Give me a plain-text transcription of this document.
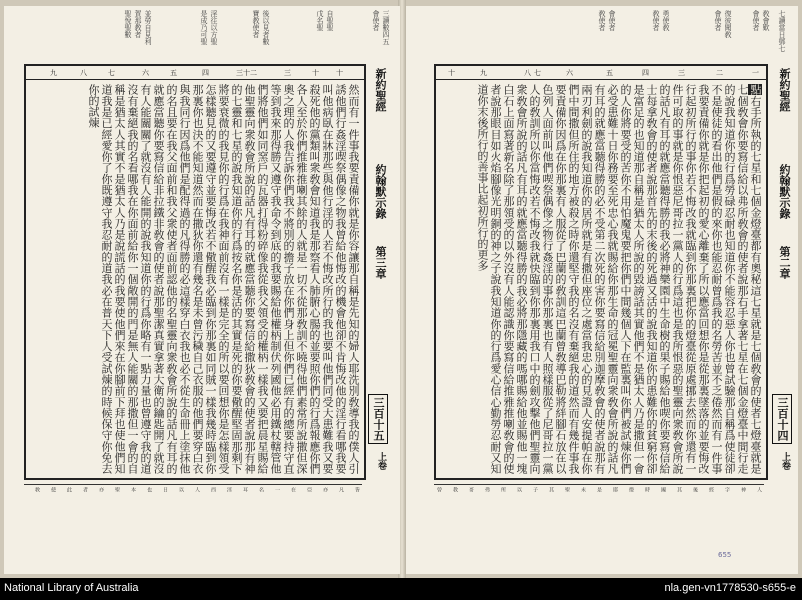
七讀當日鄧七
敎會歎
會使者
復彼聞敎
會使者
勇使敎
敎使者
會使者
敎使者
十	九	七
八	六	五	四	三	二	一
點右手所執的七星和七個金燈臺都有奧秘這七星就是七個敎會的使者七燈臺就是七個敎會你要寫信給以弗所敎會的使者說那右手拿著七星在七個金燈臺中間行走的說我知道你的行爲勞碌忍耐也知道你不能容忍惡人你也曾試驗那自稱爲使徒卻不是使徒的看出他們是假的來你也能忍耐曾爲我的名勞苦並不乏倦然而有一件事我要責備你就是你把起初的愛心離棄了所以應當回想你是從那裏墜落的並要悔改行起初所行的事你若不悔改我就臨到你那裏把你的燈臺從原處挪去然而你還有一件可取的事就是你恨惡尼哥拉一黨人的行爲這也是我所恨惡的聖靈向衆敎會所說的話凡有耳的就應當聽得勝的我必將神樂園中生命樹的果子賜給他喫你要寫信給士每拿敎會的使者說那首先的末後的死過又活的說我知道你的患難你的貧窮你卻是富足的也知道那自稱是猶太人所說的毀謗話其實他們不是猶太人乃是撒但一會的人你將要受的苦你不用怕魔鬼要把你們中間幾個人下在監裏叫你們被試煉你們必受患難十日你務要至死忠心我就賜給你那生命的冠冕聖靈向衆敎會所說的話凡有耳的就應當聽得勝的必不受第二次死的害你要寫信給別迦摩敎會的使者說那有兩刃利劍的說我知道你的居所就是有撒但座位之處當我忠心的見證人安提帕在你們中間撒但所住的地方被殺之時你還堅守我的名沒有棄絕我的道然而有幾件事我要責備你因爲在你那裏有人服從了巴蘭的敎訓這巴蘭曾敎導巴勒將絆腳石放在以色列人面前叫他們喫祭偶像之物行姦淫的事你那裏也有人照樣服從了尼哥拉一黨人的敎訓所以你當悔改若不悔改我就快臨到你那裏用我口中的劍攻擊他們聖靈向衆敎會所說的話凡有耳的就應當聽得勝的我必將那隱藏的嗎哪賜給他並賜他一塊白石上面寫著新名除了那領受的以外沒有人能認識你要寫信給推雅推喇敎會的使者說那眼目如火焰腳像光明銅的神之子說我知道你的行爲愛心信心勤勞忍耐又知道你末後所行的善事比起初所行的更多	新約聖經
約翰默示錄
第二章
三百十四
上卷
人
神
字
經
後
其
國
時
燈
耶
是
未
聖
其
子
以
所
弗
哥
教
曾
三讀數四五
會使者
自聖聖
戊名聖
後以見者數
寶教使者
淫往以方聖
是成乃可聖
並勞自見利
賀那教者
聖悅聖數
十
三十二	三	十
四
五
六
七
八
九
然而有一件事我要責備你就是你容讓那自稱是先知的婦人耶洗別敎導我的僕人引誘他們行姦淫喫祭偶像之物我曾給他悔改的機會他卻不肯悔改他的淫行看哪我要叫他病臥在牀那些與他行淫的人若不悔改所行的我也要叫他們同受大患難我又要殺死他的黨類叫衆敎會知道我是那察看人肺腑心腸的並要照你們的行爲報應你們各人至於你們推雅推喇其餘的人就是一切不從那敎訓不曉得他們素常所說撒但深奧之理的人我告訴你們我不將別的擔子放在你們身上但你們已經有的總要持守直等到我來那得勝又遵守我命令到底的我要賜給他權柄制伏列國他必用鐵杖轄管他們將他們如同窯戶的瓦器打得粉碎像我從我父領受的權柄一樣我又要把晨星賜給他聖靈向衆敎會所說的話凡有耳的就應當聽你要寫信給撒狄敎會的使者說那有神的七靈和七星的說我知道你的行爲按名你是活的其實是死的你要儆醒堅固那剩下將要衰微的我見你的行爲在我神面前沒有一樣是完全的所以要回想你是怎樣領受怎樣聽見的又要遵守並要悔改若不儆醒我必臨到你那裏如同賊一樣我幾時臨到你那裏你也決不能知道然而在撒狄你還有幾名是未曾污穢自己衣服的他們要穿白衣與我同行因爲他們是配得過的凡得勝的必這樣穿白衣我也必不從生命冊上塗抹他的名且要在我父面前和我父衆使者面前認他的名聖靈向衆敎會所說的話凡有耳的就應當聽你要寫信給非拉鐵非敎會的使者說那聖潔真實拿著大衛的鑰匙開了就沒有人能關關了就沒有人能開的說我知道你的行爲你略有一點力量也曾遵守我的道沒有棄絕我的名看哪我在你面前給你一個敞開的門是無人能關的那撒但一會的自稱是猶太人其實不是猶太人乃是說謊話的我要使他們來在你腳前下拜也使他們知道我是已經愛你了你既遵守我忍耐的道我必在普天下人受試煉的時候保守你免去你的試煉	新約聖經
約翰默示錄
第三章
三百十五
上卷
皆
凡
亦
亞
在
一
名
耳
淫
西
人
以
日
也
本
聖
亦
者
此
使
敎
655
National Library of Australia	nla.gen-vn1778530-s655-e
